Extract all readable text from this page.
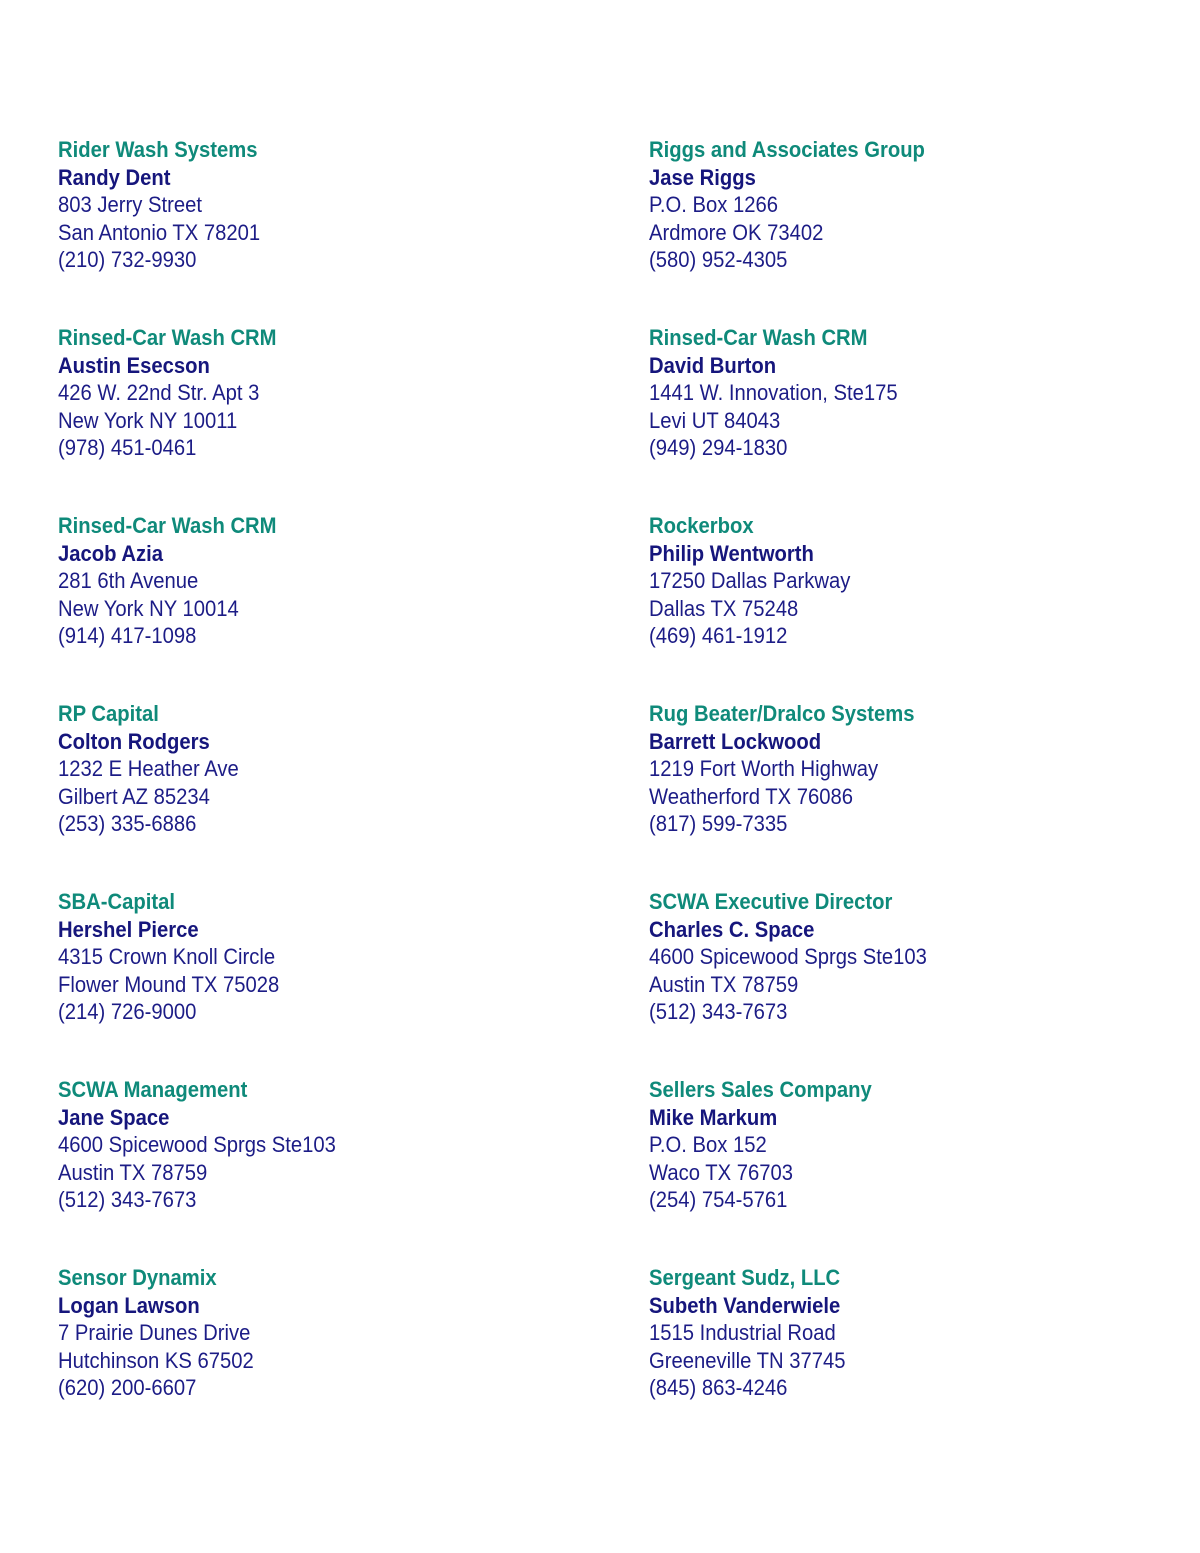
Rider Wash Systems
Randy Dent
803 Jerry Street
San Antonio TX 78201
(210) 732-9930
Riggs and Associates Group
Jase Riggs
P.O. Box 1266
Ardmore OK 73402
(580) 952-4305
Rinsed-Car Wash CRM
Austin Esecson
426 W. 22nd Str. Apt 3
New York NY 10011
(978) 451-0461
Rinsed-Car Wash CRM
David Burton
1441 W. Innovation, Ste175
Levi UT 84043
(949) 294-1830
Rinsed-Car Wash CRM
Jacob Azia
281 6th Avenue
New York NY 10014
(914) 417-1098
Rockerbox
Philip Wentworth
17250 Dallas Parkway
Dallas TX 75248
(469) 461-1912
RP Capital
Colton Rodgers
1232 E Heather Ave
Gilbert AZ 85234
(253) 335-6886
Rug Beater/Dralco Systems
Barrett Lockwood
1219 Fort Worth Highway
Weatherford TX 76086
(817) 599-7335
SBA-Capital
Hershel Pierce
4315 Crown Knoll Circle
Flower Mound TX 75028
(214) 726-9000
SCWA Executive Director
Charles C. Space
4600 Spicewood Sprgs Ste103
Austin TX 78759
(512) 343-7673
SCWA Management
Jane Space
4600 Spicewood Sprgs Ste103
Austin TX 78759
(512) 343-7673
Sellers Sales Company
Mike Markum
P.O. Box 152
Waco TX 76703
(254) 754-5761
Sensor Dynamix
Logan Lawson
7 Prairie Dunes Drive
Hutchinson KS 67502
(620) 200-6607
Sergeant Sudz, LLC
Subeth Vanderwiele
1515 Industrial Road
Greeneville TN 37745
(845) 863-4246
